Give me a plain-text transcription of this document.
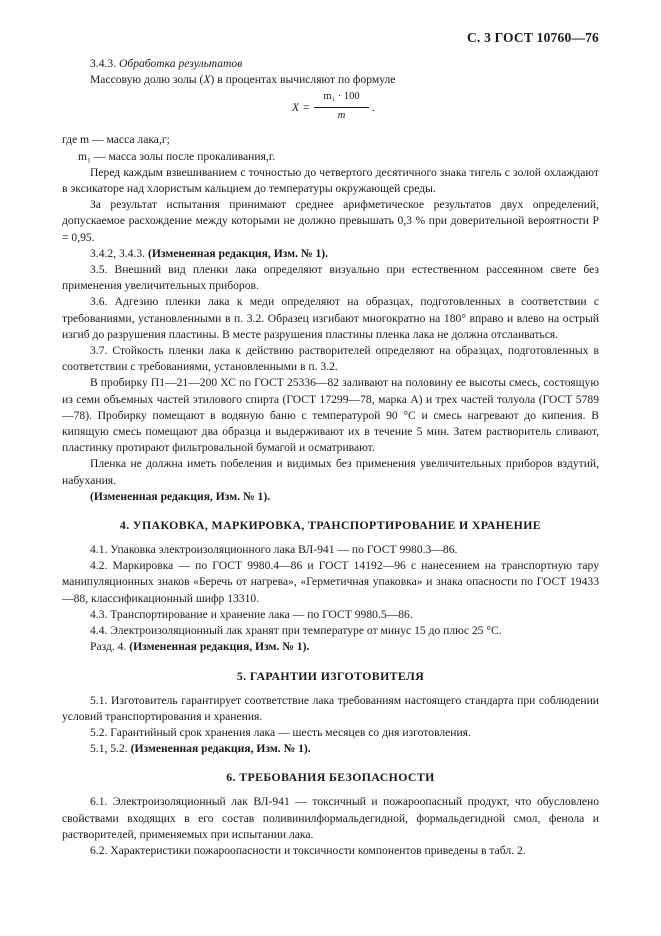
С. 3 ГОСТ 10760—76

3.4.3. Обработка результатов

Массовую долю золы (X) в процентах вычисляют по формуле

$X = \frac{\text{m₁ · 100}}{m}$ .

где m — масса лака,г;

m₁ — масса золы после прокаливания,г.

Перед каждым взвешиванием с точностью до четвертого десятичного знака тигель с золой охлаждают в эксикаторе над хлористым кальцием до температуры окружающей среды.

За результат испытания принимают среднее арифметическое результатов двух определений, допускаемое расхождение между которыми не должно превышать 0,3 % при доверительной вероятности P = 0,95.

3.4.2, 3.4.3. (Измененная редакция, Изм. № 1).

3.5. Внешний вид пленки лака определяют визуально при естественном рассеянном свете без применения увеличительных приборов.

3.6. Адгезию пленки лака к меди определяют на образцах, подготовленных в соответствии с требованиями, установленными в п. 3.2. Образец изгибают многократно на 180° вправо и влево на острый изгиб до разрушения пластины. В месте разрушения пластины пленка лака не должна отслаиваться.

3.7. Стойкость пленки лака к действию растворителей определяют на образцах, подготовленных в соответствии с требованиями, установленными в п. 3.2.

В пробирку П1—21—200 ХС по ГОСТ 25336—82 заливают на половину ее высоты смесь, состоящую из семи объемных частей этилового спирта (ГОСТ 17299—78, марка А) и трех частей толуола (ГОСТ 5789—78). Пробирку помещают в водяную баню с температурой 90 °С и смесь нагревают до кипения. В кипящую смесь помещают два образца и выдерживают их в течение 5 мин. Затем растворитель сливают, пластинку протирают фильтровальной бумагой и осматривают.

Пленка не должна иметь побеления и видимых без применения увеличительных приборов вздутий, набухания.

(Измененная редакция, Изм. № 1).

4. УПАКОВКА, МАРКИРОВКА, ТРАНСПОРТИРОВАНИЕ И ХРАНЕНИЕ

4.1. Упаковка электроизоляционного лака ВЛ-941 — по ГОСТ 9980.3—86.

4.2. Маркировка — по ГОСТ 9980.4—86 и ГОСТ 14192—96 с нанесением на транспортную тару манипуляционных знаков «Беречь от нагрева», «Герметичная упаковка» и знака опасности по ГОСТ 19433—88, классификационный шифр 13310.

4.3. Транспортирование и хранение лака — по ГОСТ 9980.5—86.

4.4. Электроизоляционный лак хранят при температуре от минус 15 до плюс 25 °С.

Разд. 4. (Измененная редакция, Изм. № 1).

5. ГАРАНТИИ ИЗГОТОВИТЕЛЯ

5.1. Изготовитель гарантирует соответствие лака требованиям настоящего стандарта при соблюдении условий транспортирования и хранения.

5.2. Гарантийный срок хранения лака — шесть месяцев со дня изготовления.

5.1, 5.2. (Измененная редакция, Изм. № 1).

6. ТРЕБОВАНИЯ БЕЗОПАСНОСТИ

6.1. Электроизоляционный лак ВЛ-941 — токсичный и пожароопасный продукт, что обусловлено свойствами входящих в его состав поливинилформальдегидной, формальдегидной смол, фенола и растворителей, применяемых при испытании лака.

6.2. Характеристики пожароопасности и токсичности компонентов приведены в табл. 2.
